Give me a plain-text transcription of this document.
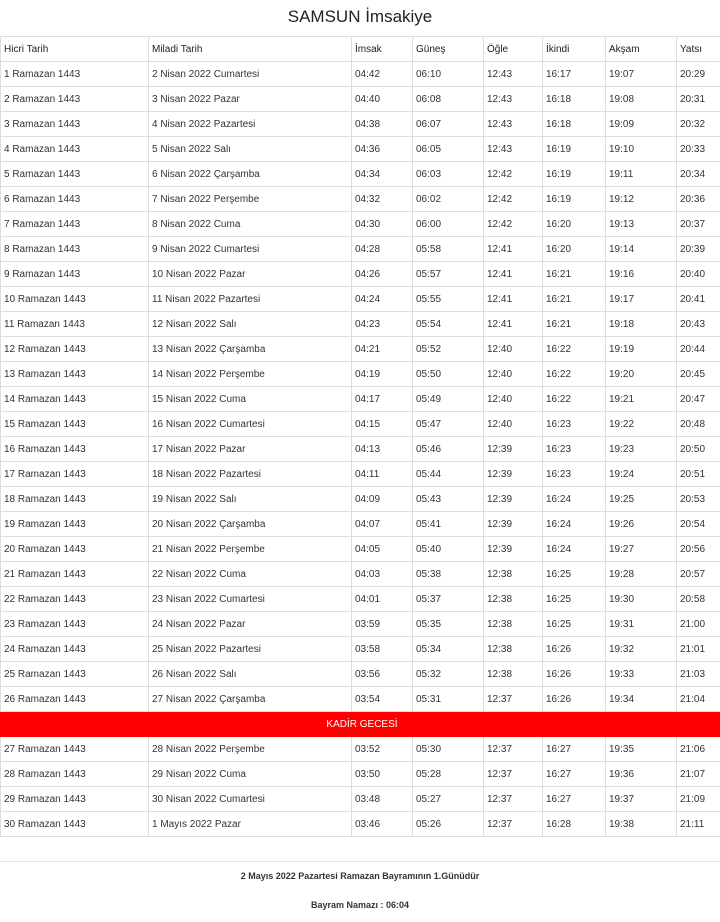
SAMSUN İmsakiye
Hicri Tarih	Miladi Tarih	İmsak	Güneş	Öğle	İkindi	Akşam	Yatsı
1 Ramazan 1443	2 Nisan 2022 Cumartesi	04:42	06:10	12:43	16:17	19:07	20:29
2 Ramazan 1443	3 Nisan 2022 Pazar	04:40	06:08	12:43	16:18	19:08	20:31
3 Ramazan 1443	4 Nisan 2022 Pazartesi	04:38	06:07	12:43	16:18	19:09	20:32
4 Ramazan 1443	5 Nisan 2022 Salı	04:36	06:05	12:43	16:19	19:10	20:33
5 Ramazan 1443	6 Nisan 2022 Çarşamba	04:34	06:03	12:42	16:19	19:11	20:34
6 Ramazan 1443	7 Nisan 2022 Perşembe	04:32	06:02	12:42	16:19	19:12	20:36
7 Ramazan 1443	8 Nisan 2022 Cuma	04:30	06:00	12:42	16:20	19:13	20:37
8 Ramazan 1443	9 Nisan 2022 Cumartesi	04:28	05:58	12:41	16:20	19:14	20:39
9 Ramazan 1443	10 Nisan 2022 Pazar	04:26	05:57	12:41	16:21	19:16	20:40
10 Ramazan 1443	11 Nisan 2022 Pazartesi	04:24	05:55	12:41	16:21	19:17	20:41
11 Ramazan 1443	12 Nisan 2022 Salı	04:23	05:54	12:41	16:21	19:18	20:43
12 Ramazan 1443	13 Nisan 2022 Çarşamba	04:21	05:52	12:40	16:22	19:19	20:44
13 Ramazan 1443	14 Nisan 2022 Perşembe	04:19	05:50	12:40	16:22	19:20	20:45
14 Ramazan 1443	15 Nisan 2022 Cuma	04:17	05:49	12:40	16:22	19:21	20:47
15 Ramazan 1443	16 Nisan 2022 Cumartesi	04:15	05:47	12:40	16:23	19:22	20:48
16 Ramazan 1443	17 Nisan 2022 Pazar	04:13	05:46	12:39	16:23	19:23	20:50
17 Ramazan 1443	18 Nisan 2022 Pazartesi	04:11	05:44	12:39	16:23	19:24	20:51
18 Ramazan 1443	19 Nisan 2022 Salı	04:09	05:43	12:39	16:24	19:25	20:53
19 Ramazan 1443	20 Nisan 2022 Çarşamba	04:07	05:41	12:39	16:24	19:26	20:54
20 Ramazan 1443	21 Nisan 2022 Perşembe	04:05	05:40	12:39	16:24	19:27	20:56
21 Ramazan 1443	22 Nisan 2022 Cuma	04:03	05:38	12:38	16:25	19:28	20:57
22 Ramazan 1443	23 Nisan 2022 Cumartesi	04:01	05:37	12:38	16:25	19:30	20:58
23 Ramazan 1443	24 Nisan 2022 Pazar	03:59	05:35	12:38	16:25	19:31	21:00
24 Ramazan 1443	25 Nisan 2022 Pazartesi	03:58	05:34	12:38	16:26	19:32	21:01
25 Ramazan 1443	26 Nisan 2022 Salı	03:56	05:32	12:38	16:26	19:33	21:03
26 Ramazan 1443	27 Nisan 2022 Çarşamba	03:54	05:31	12:37	16:26	19:34	21:04
KADİR GECESİ							
27 Ramazan 1443	28 Nisan 2022 Perşembe	03:52	05:30	12:37	16:27	19:35	21:06
28 Ramazan 1443	29 Nisan 2022 Cuma	03:50	05:28	12:37	16:27	19:36	21:07
29 Ramazan 1443	30 Nisan 2022 Cumartesi	03:48	05:27	12:37	16:27	19:37	21:09
30 Ramazan 1443	1 Mayıs 2022 Pazar	03:46	05:26	12:37	16:28	19:38	21:11
2 Mayıs 2022 Pazartesi Ramazan Bayramının 1.Günüdür
Bayram Namazı : 06:04
